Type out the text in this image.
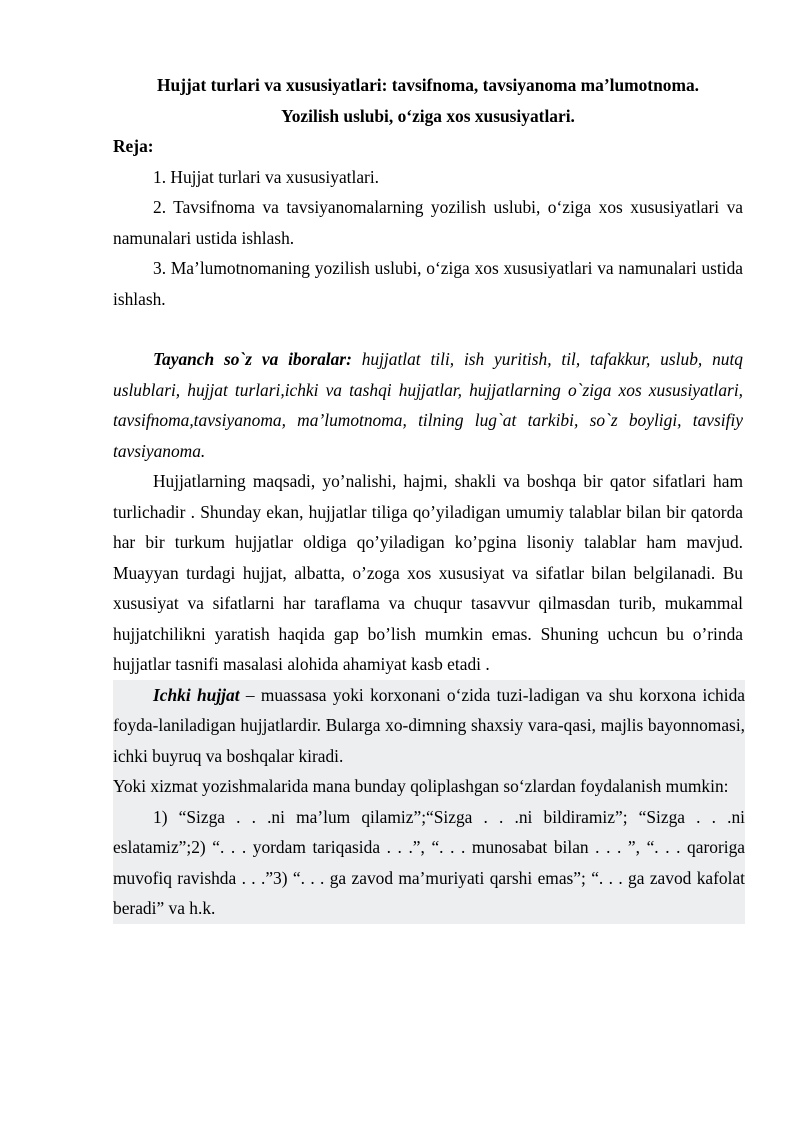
Hujjat turlari va xususiyatlari: tavsifnoma, tavsiyanoma ma’lumotnoma.

Yozilish uslubi, o‘ziga xos xususiyatlari.

Reja:

1. Hujjat turlari va xususiyatlari.

2. Tavsifnoma va tavsiyanomalarning yozilish uslubi, o‘ziga xos xususiyatlari va namunalari ustida ishlash.

3. Ma’lumotnomaning yozilish uslubi, o‘ziga xos xususiyatlari va namunalari ustida ishlash.

Tayanch so`z va iboralar: hujjatlat tili, ish yuritish, til, tafakkur, uslub, nutq uslublari, hujjat turlari,ichki va tashqi hujjatlar, hujjatlarning o`ziga xos xususiyatlari, tavsifnoma,tavsiyanoma, ma’lumotnoma, tilning lug`at tarkibi, so`z boyligi, tavsifiy tavsiyanoma.

Hujjatlarning maqsadi, yo’nalishi, hajmi, shakli va boshqa bir qator sifatlari ham turlichadir . Shunday ekan, hujjatlar tiliga qo’yiladigan umumiy talablar bilan bir qatorda har bir turkum hujjatlar oldiga qo’yiladigan ko’pgina lisoniy talablar ham mavjud. Muayyan turdagi hujjat, albatta, o’zoga xos xususiyat va sifatlar bilan belgilanadi. Bu xususiyat va sifatlarni har taraflama va chuqur tasavvur qilmasdan turib, mukammal hujjatchilikni yaratish haqida gap bo’lish mumkin emas. Shuning uchcun bu o’rinda hujjatlar tasnifi masalasi alohida ahamiyat kasb etadi .

Ichki hujjat – muassasa yoki korxonani o‘zida tuzi-ladigan va shu korxona ichida foyda-laniladigan hujjatlardir. Bularga xo-dimning shaxsiy vara-qasi, majlis bayonnomasi, ichki buyruq va boshqalar kiradi.

Yoki xizmat yozishmalarida mana bunday qoliplashgan so‘zlardan foydalanish mumkin:

1) “Sizga . . .ni ma’lum qilamiz”;“Sizga . . .ni bildiramiz”; “Sizga . . .ni eslatamiz”;2) “. . . yordam tariqasida . . .”, “. . . munosabat bilan . . . ”, “. . . qaroriga muvofiq ravishda . . .”3) “. . . ga zavod ma’muriyati qarshi emas”; “. . . ga zavod kafolat beradi” va h.k.
